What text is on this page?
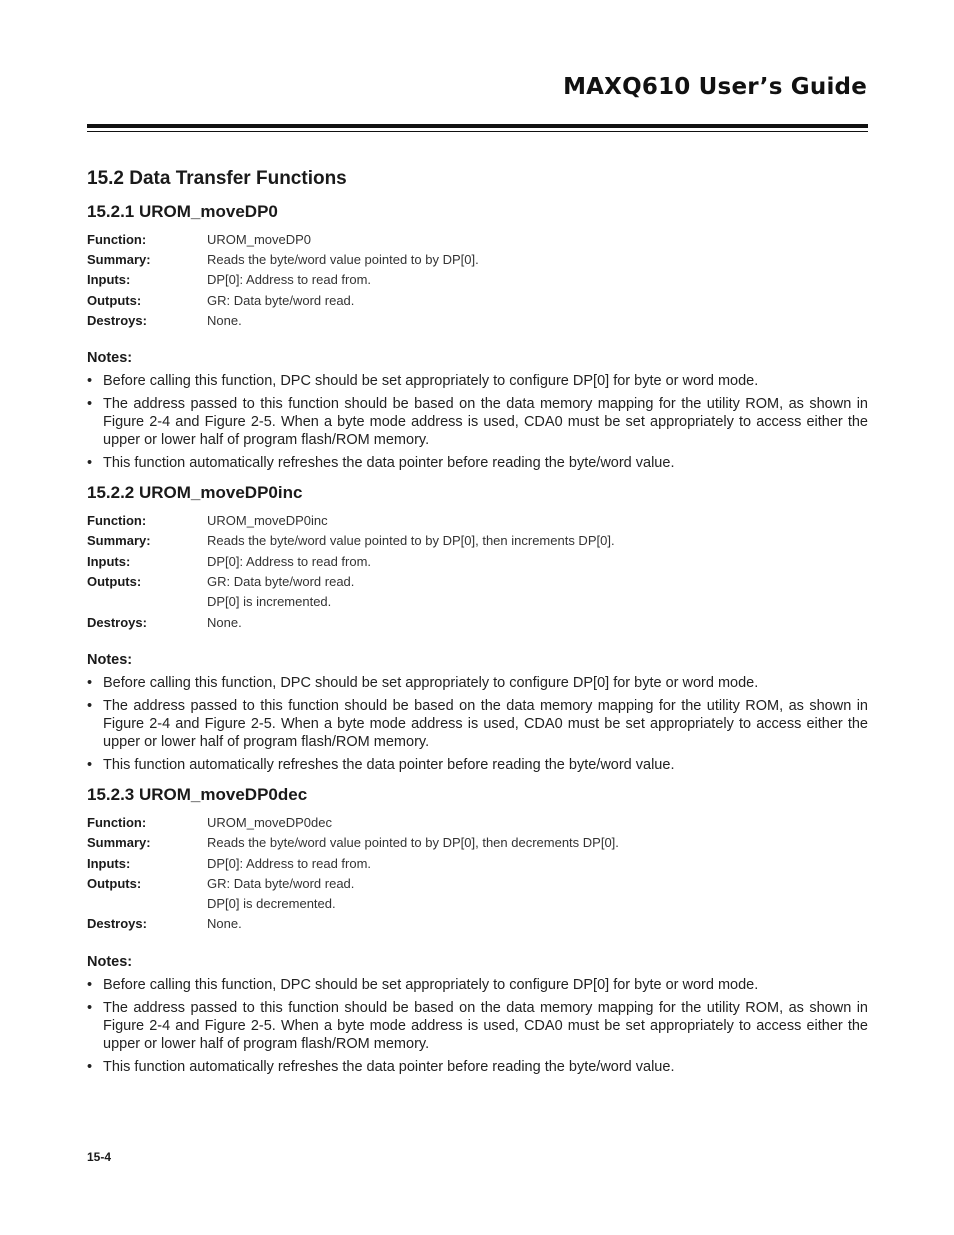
MAXQ610 User’s Guide
15.2 Data Transfer Functions
15.2.1 UROM_moveDP0
Function:	UROM_moveDP0
Summary:	Reads the byte/word value pointed to by DP[0].
Inputs:	DP[0]: Address to read from.
Outputs:	GR: Data byte/word read.
Destroys:	None.
Notes:
• Before calling this function, DPC should be set appropriately to configure DP[0] for byte or word mode.
• The address passed to this function should be based on the data memory mapping for the utility ROM, as shown in Figure 2-4 and Figure 2-5. When a byte mode address is used, CDA0 must be set appropriately to access either the upper or lower half of program flash/ROM memory.
• This function automatically refreshes the data pointer before reading the byte/word value.
15.2.2 UROM_moveDP0inc
Function:	UROM_moveDP0inc
Summary:	Reads the byte/word value pointed to by DP[0], then increments DP[0].
Inputs:	DP[0]: Address to read from.
Outputs:	GR: Data byte/word read.
	DP[0] is incremented.
Destroys:	None.
Notes:
• Before calling this function, DPC should be set appropriately to configure DP[0] for byte or word mode.
• The address passed to this function should be based on the data memory mapping for the utility ROM, as shown in Figure 2-4 and Figure 2-5. When a byte mode address is used, CDA0 must be set appropriately to access either the upper or lower half of program flash/ROM memory.
• This function automatically refreshes the data pointer before reading the byte/word value.
15.2.3 UROM_moveDP0dec
Function:	UROM_moveDP0dec
Summary:	Reads the byte/word value pointed to by DP[0], then decrements DP[0].
Inputs:	DP[0]: Address to read from.
Outputs:	GR: Data byte/word read.
	DP[0] is decremented.
Destroys:	None.
Notes:
• Before calling this function, DPC should be set appropriately to configure DP[0] for byte or word mode.
• The address passed to this function should be based on the data memory mapping for the utility ROM, as shown in Figure 2-4 and Figure 2-5. When a byte mode address is used, CDA0 must be set appropriately to access either the upper or lower half of program flash/ROM memory.
• This function automatically refreshes the data pointer before reading the byte/word value.
15-4
